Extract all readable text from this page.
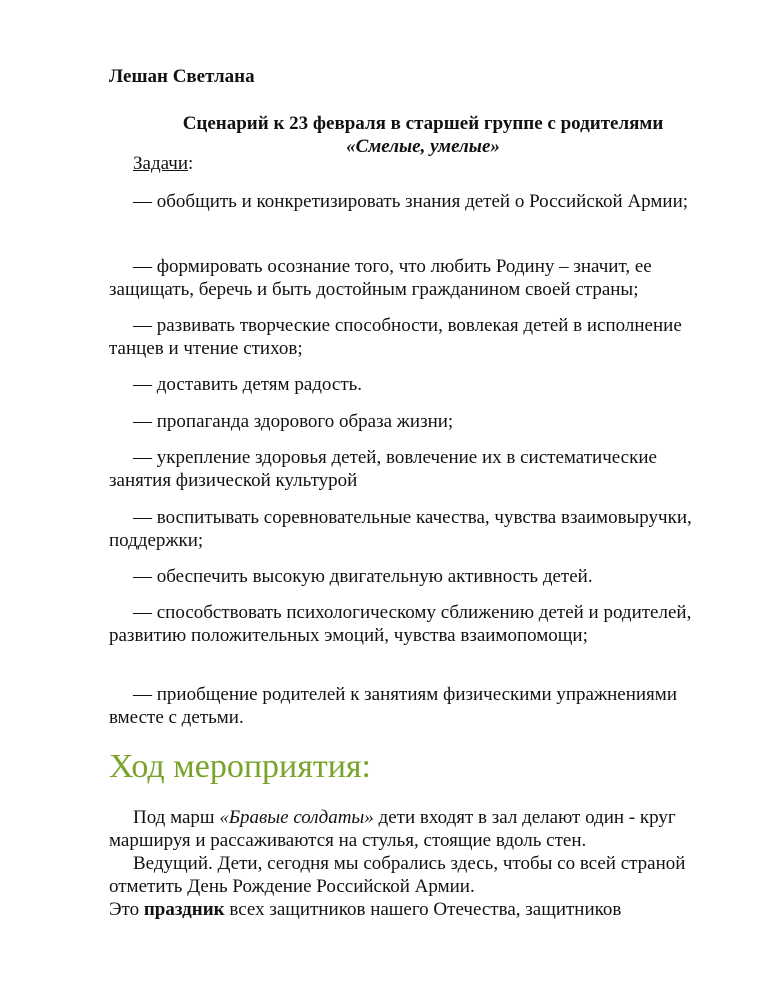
Лешан Светлана
Сценарий к 23 февраля в старшей группе с родителями
«Смелые, умелые»
Задачи:
— обобщить и конкретизировать знания детей о Российской Армии;
— формировать осознание того, что любить Родину – значит, ее защищать, беречь и быть достойным гражданином своей страны;
— развивать творческие способности, вовлекая детей в исполнение танцев и чтение стихов;
— доставить детям радость.
— пропаганда здорового образа жизни;
— укрепление здоровья детей, вовлечение их в систематические занятия физической культурой
— воспитывать соревновательные качества, чувства взаимовыручки, поддержки;
— обеспечить высокую двигательную активность детей.
— способствовать психологическому сближению детей и родителей, развитию положительных эмоций, чувства взаимопомощи;
— приобщение родителей к занятиям физическими упражнениями вместе с детьми.
Ход мероприятия:
Под марш «Бравые солдаты» дети входят в зал делают один - круг маршируя и рассаживаются на стулья, стоящие вдоль стен.
Ведущий. Дети, сегодня мы собрались здесь, чтобы со всей страной отметить День Рождение Российской Армии.
Это праздник всех защитников нашего Отечества, защитников
